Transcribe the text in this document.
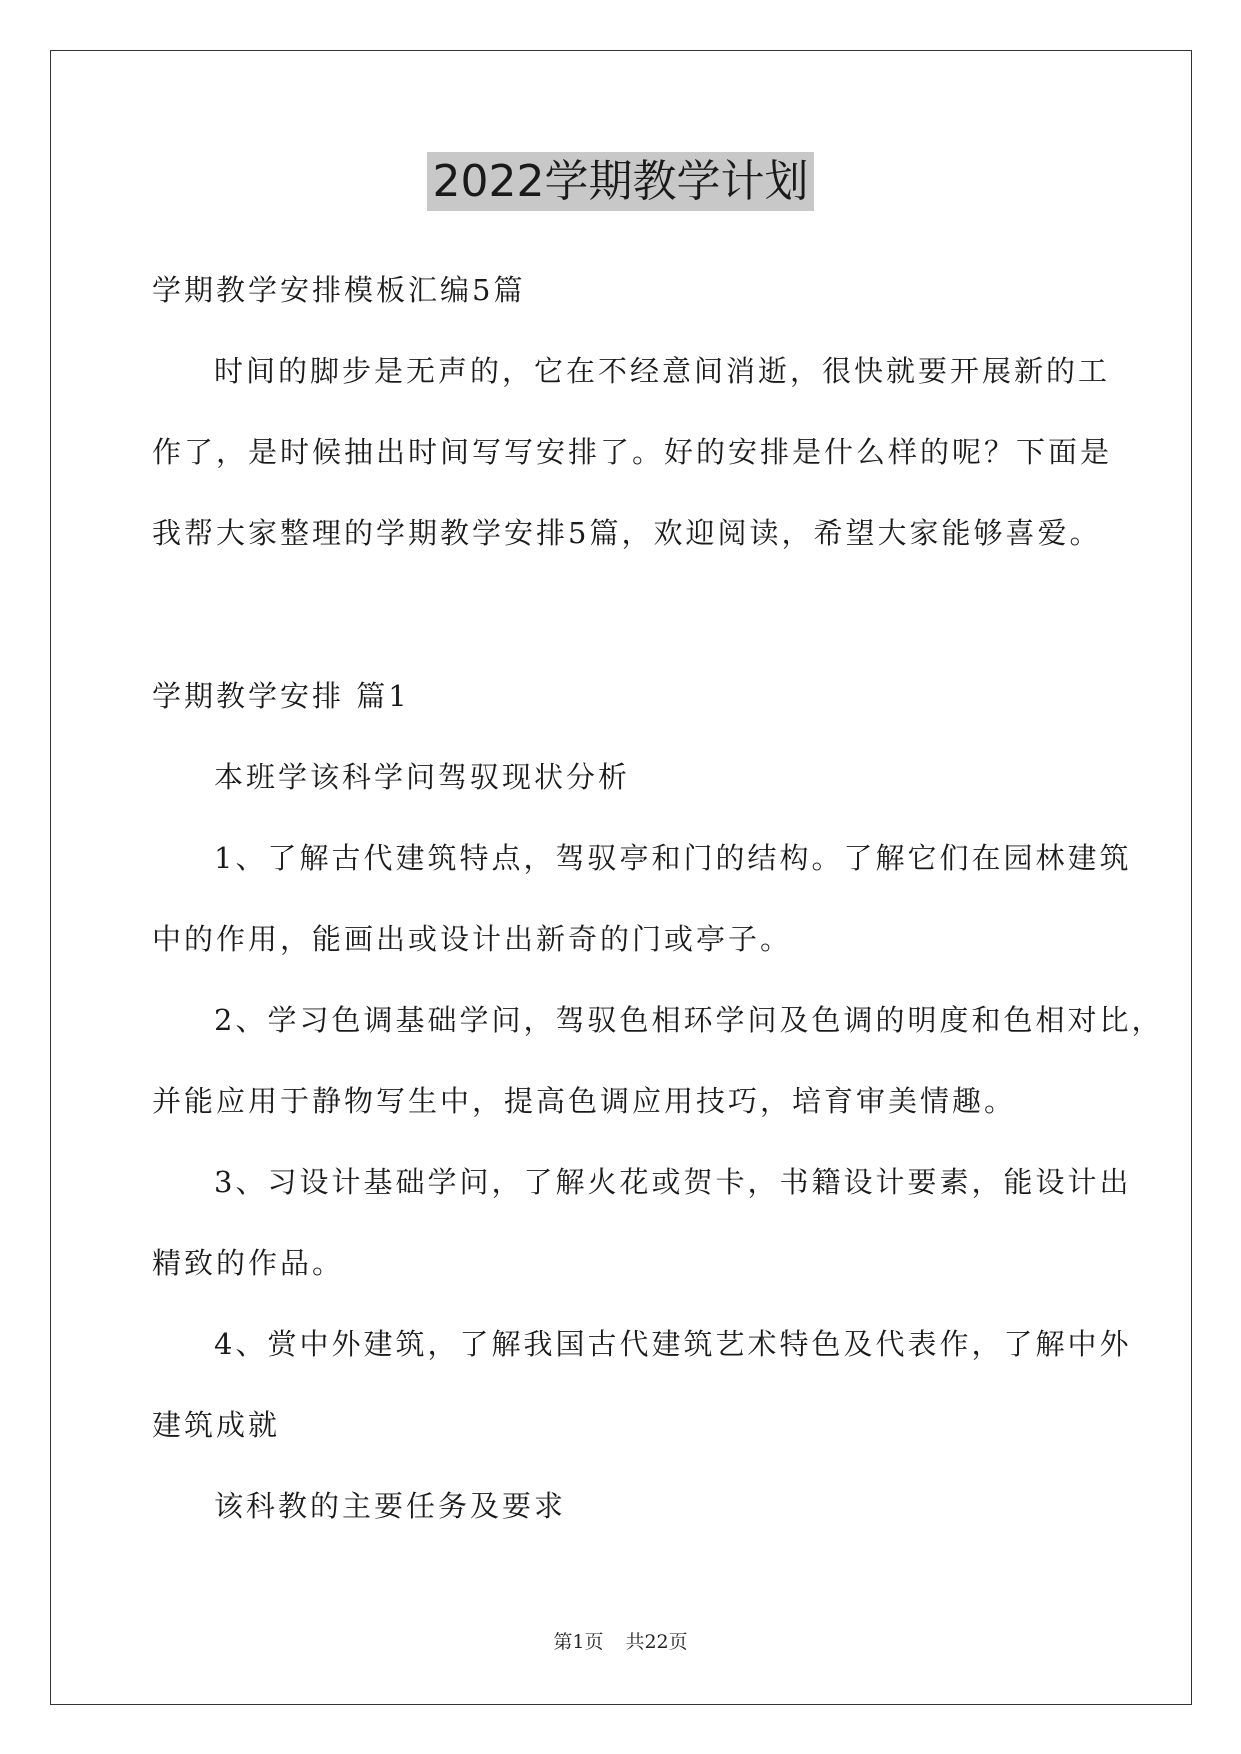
2022学期教学计划

学期教学安排模板汇编5篇

时间的脚步是无声的，它在不经意间消逝，很快就要开展新的工

作了，是时候抽出时间写写安排了。好的安排是什么样的呢？下面是

我帮大家整理的学期教学安排5篇，欢迎阅读，希望大家能够喜爱。

学期教学安排 篇1

本班学该科学问驾驭现状分析

1、了解古代建筑特点，驾驭亭和门的结构。了解它们在园林建筑

中的作用，能画出或设计出新奇的门或亭子。

2、学习色调基础学问，驾驭色相环学问及色调的明度和色相对比，

并能应用于静物写生中，提高色调应用技巧，培育审美情趣。

3、习设计基础学问，了解火花或贺卡，书籍设计要素，能设计出

精致的作品。

4、赏中外建筑，了解我国古代建筑艺术特色及代表作，了解中外

建筑成就

该科教的主要任务及要求

第1页 共22页
